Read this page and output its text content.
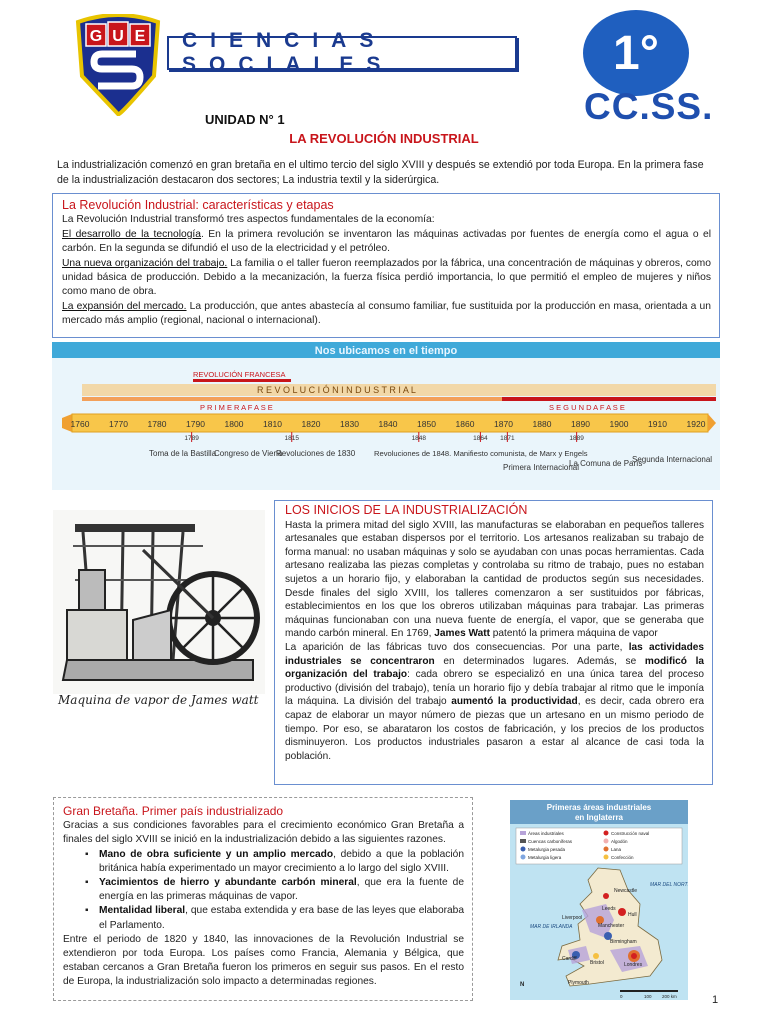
G U E CIENCIAS SOCIALES	1°
CC.SS.
UNIDAD N° 1
LA REVOLUCIÓN INDUSTRIAL
La industrialización comenzó en gran bretaña en el ultimo tercio del siglo XVIII y después se extendió por toda Europa. En la primera fase de la industrialización destacaron dos sectores; La industria textil y la siderúrgica.
La Revolución Industrial: características y etapas

La Revolución Industrial transformó tres aspectos fundamentales de la economía:

El desarrollo de la tecnología. En la primera revolución se inventaron las máquinas activadas por fuentes de energía como el agua o el carbón. En la segunda se difundió el uso de la electricidad y el petróleo.

Una nueva organización del trabajo. La familia o el taller fueron reemplazados por la fábrica, una concentración de máquinas y obreros, como unidad básica de producción. Debido a la mecanización, la fuerza física perdió importancia, lo que permitió el empleo de mujeres y niños como mano de obra.

La expansión del mercado. La producción, que antes abastecía al consumo familiar, fue sustituida por la producción en masa, orientada a un mercado más amplio (regional, nacional o internacional).

Nos ubicamos en el tiempo
REVOLUCIÓN FRANCESA
R E V O L U C I Ó N I N D U S T R I A L
P R I M E R A F A S E	S E G U N D A F A S E
1760 1770 1780 1790 1800 1810 1820 1830 1840 1850 1860 1870 1880 1890 1900 1910 1920
1789	1815	1848	1864 1871	1889
Toma de la Bastilla
Congreso de Viena
Revoluciones de 1830 Revoluciones de 1848. Manifiesto comunista, de Marx y Engels
Primera Internacional
La Comuna de París
Segunda Internacional
LOS INICIOS DE LA INDUSTRIALIZACIÓN

Hasta la primera mitad del siglo XVIII, las manufacturas se elaboraban en pequeños talleres artesanales que estaban dispersos por el territorio. Los artesanos realizaban su trabajo de forma manual: no usaban máquinas y solo se ayudaban con unas pocas herramientas. Cada artesano realizaba las piezas completas y controlaba su ritmo de trabajo, pues no estaban sujetos a un horario fijo, y elaboraban la cantidad de productos según sus necesidades. Desde finales del siglo XVIII, los talleres comenzaron a ser sustituidos por fábricas, establecimientos en los que los obreros utilizaban máquinas para trabajar. Las primeras máquinas funcionaban con una nueva fuente de energía, el vapor, que se generaba que mando carbón mineral. En 1769, James Watt patentó la primera máquina de vapor

La aparición de las fábricas tuvo dos consecuencias. Por una parte, las actividades industriales se concentraron en determinados lugares. Además, se modificó la organización del trabajo: cada obrero se especializó en una única tarea del proceso productivo (división del trabajo), tenía un horario fijo y debía trabajar al ritmo que le imponía la máquina. La división del trabajo aumentó la productividad, es decir, cada obrero era capaz de elaborar un mayor número de piezas que un artesano en un mismo periodo de tiempo. Por eso, se abarataron los costos de fabricación, y los precios de los productos disminuyeron. Los productos industriales pasaron a estar al alcance de casi toda la población.

Maquina de vapor de James watt
Gran Bretaña. Primer país industrializado

Gracias a sus condiciones favorables para el crecimiento económico Gran Bretaña a finales del siglo XVIII se inició en la industrialización debido a las siguientes razones.

▪ Mano de obra suficiente y un amplio mercado, debido a que la población británica había experimentado un mayor crecimiento a lo largo del siglo XVIII.
▪ Yacimientos de hierro y abundante carbón mineral, que era la fuente de energía en las primeras máquinas de vapor.
▪ Mentalidad liberal, que estaba extendida y era base de las leyes que elaboraba el Parlamento.

Entre el periodo de 1820 y 1840, las innovaciones de la Revolución Industrial se extendieron por toda Europa. Los países como Francia, Alemania y Bélgica, que estaban cercanos a Gran Bretaña fueron los primeros en seguir sus pasos. En el resto de Europa, la industrialización solo impacto a determinadas regiones.

Primeras áreas industriales
en Inglaterra
Áreas industriales
Cuencas carboníferas
Metalurgia pesada
Metalurgia ligera
Construcción naval
Algodón
Lana
Confección
Newcastle
Hull
Leeds
Liverpool
Manchester
Birmingham
Londres
Cardiff
Bristol
Plymouth
MAR DEL NORTE
MAR DE IRLANDA
N
0	100 200 km	1
